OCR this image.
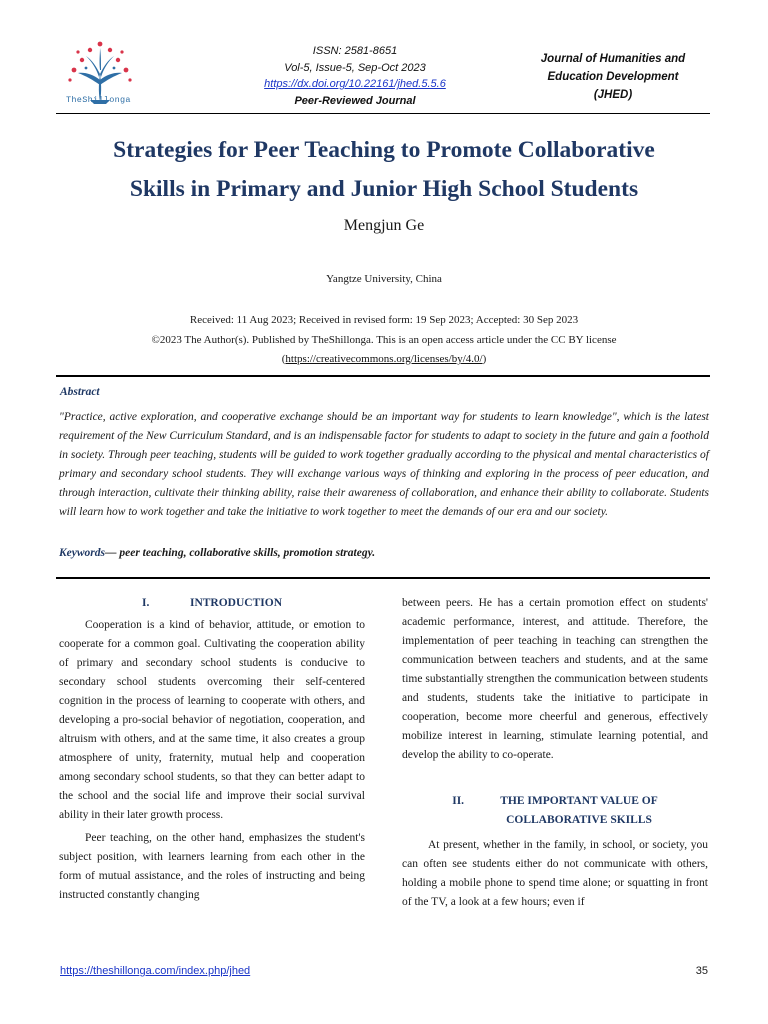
TheShillonga
ISSN: 2581-8651
Vol-5, Issue-5, Sep-Oct 2023
https://dx.doi.org/10.22161/jhed.5.5.6
Peer-Reviewed Journal
Journal of Humanities and
Education Development
(JHED)
Strategies for Peer Teaching to Promote Collaborative
Skills in Primary and Junior High School Students
Mengjun Ge
Yangtze University, China
Received: 11 Aug 2023; Received in revised form: 19 Sep 2023; Accepted: 30 Sep 2023
©2023 The Author(s). Published by TheShillonga. This is an open access article under the CC BY license
(https://creativecommons.org/licenses/by/4.0/)
Abstract
"Practice, active exploration, and cooperative exchange should be an important way for students to learn knowledge", which is the latest requirement of the New Curriculum Standard, and is an indispensable factor for students to adapt to society in the future and gain a foothold in society. Through peer teaching, students will be guided to work together gradually according to the physical and mental characteristics of primary and secondary school students. They will exchange various ways of thinking and exploring in the process of peer education, and through interaction, cultivate their thinking ability, raise their awareness of collaboration, and enhance their ability to collaborate. Students will learn how to work together and take the initiative to work together to meet the demands of our era and our society.
Keywords— peer teaching, collaborative skills, promotion strategy.
I.	INTRODUCTION

Cooperation is a kind of behavior, attitude, or emotion to cooperate for a common goal. Cultivating the cooperation ability of primary and secondary school students is conducive to secondary school students overcoming their self-centered cognition in the process of learning to cooperate with others, and developing a pro-social behavior of negotiation, cooperation, and altruism with others, and at the same time, it also creates a group atmosphere of unity, fraternity, mutual help and cooperation among secondary school students, so that they can better adapt to the school and the social life and improve their social survival ability in their later growth process.

Peer teaching, on the other hand, emphasizes the student's subject position, with learners learning from each other in the form of mutual assistance, and the roles of instructing and being instructed constantly changing

between peers. He has a certain promotion effect on students' academic performance, interest, and attitude. Therefore, the implementation of peer teaching in teaching can strengthen the communication between teachers and students, and at the same time substantially strengthen the communication between students and students, students take the initiative to participate in cooperation, become more cheerful and generous, effectively mobilize interest in learning, stimulate learning potential, and develop the ability to co-operate.

II.	THE IMPORTANT VALUE OF
COLLABORATIVE SKILLS

At present, whether in the family, in school, or society, you can often see students either do not communicate with others, holding a mobile phone to spend time alone; or squatting in front of the TV, a look at a few hours; even if

https://theshillonga.com/index.php/jhed	35
